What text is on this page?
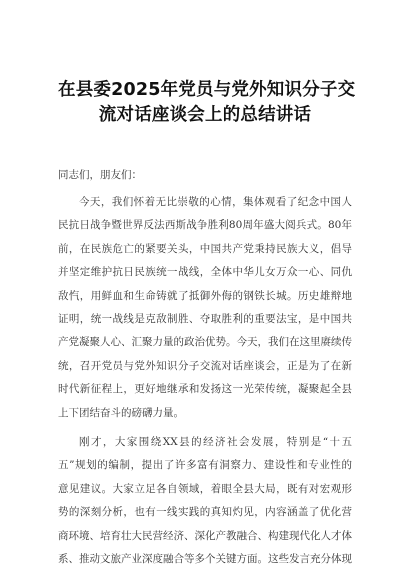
在县委2025年党员与党外知识分子交
流对话座谈会上的总结讲话

同志们，朋友们：

今天，我们怀着无比崇敬的心情，集体观看了纪念中国人
民抗日战争暨世界反法西斯战争胜利80周年盛大阅兵式。80年
前，在民族危亡的紧要关头，中国共产党秉持民族大义，倡导
并坚定维护抗日民族统一战线，全体中华儿女万众一心、同仇
敌忾，用鲜血和生命铸就了抵御外侮的钢铁长城。历史雄辩地
证明，统一战线是克敌制胜、夺取胜利的重要法宝，是中国共
产党凝聚人心、汇聚力量的政治优势。今天，我们在这里赓续传
统，召开党员与党外知识分子交流对话座谈会，正是为了在新
时代新征程上，更好地继承和发扬这一光荣传统，凝聚起全县
上下团结奋斗的磅礴力量。
刚才，大家围绕XX县的经济社会发展，特别是“十五
五”规划的编制，提出了许多富有洞察力、建设性和专业性的
意见建议。大家立足各自领域，着眼全县大局，既有对宏观形
势的深刻分析，也有一线实践的真知灼见，内容涵盖了优化营
商环境、培育壮大民营经济、深化产教融合、构建现代化人才体
系、推动文旅产业深度融合等多个关键方面。这些发言充分体现
